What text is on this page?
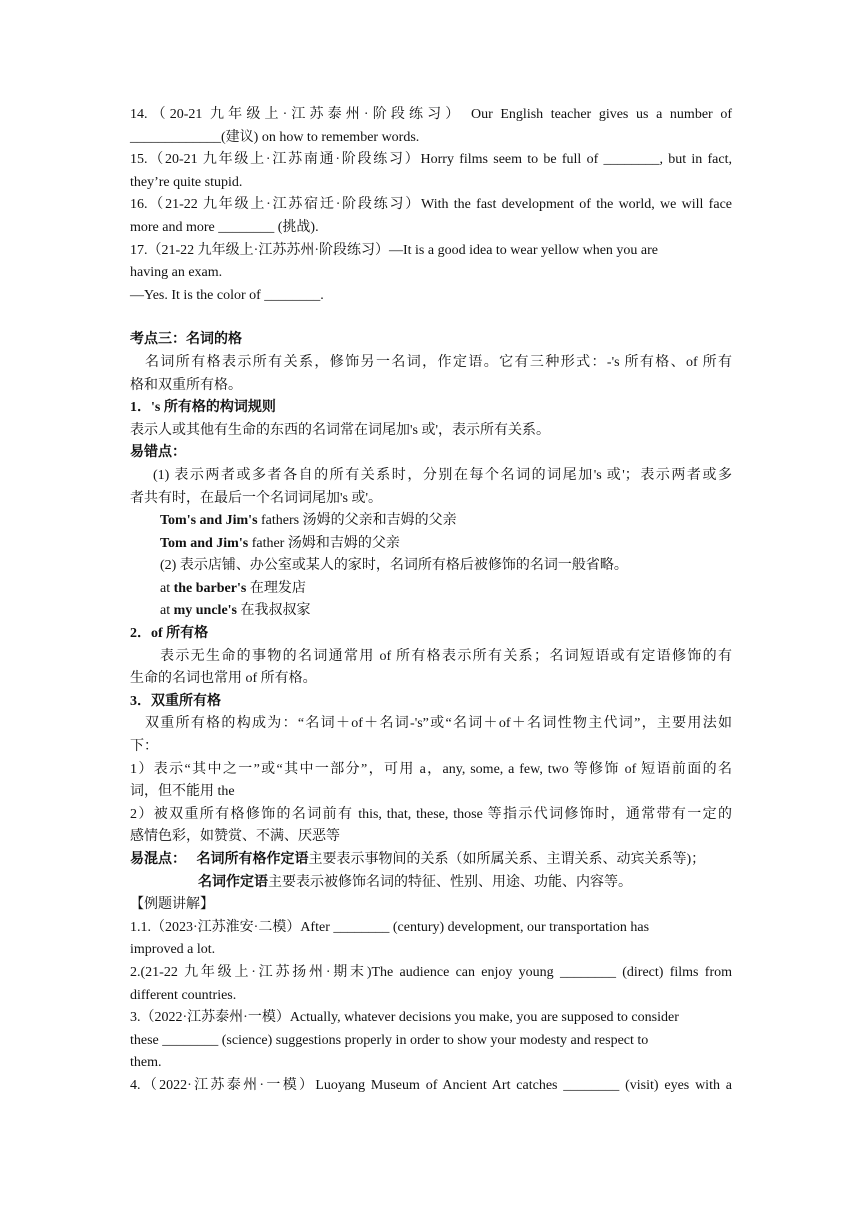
14.（20-21 九年级上·江苏泰州·阶段练习） Our English teacher gives us a number of
_____________(建议) on how to remember words.
15.（20-21 九年级上·江苏南通·阶段练习）Horry films seem to be full of ________, but in fact,
they’re quite stupid.
16.（21-22 九年级上·江苏宿迁·阶段练习）With the fast development of the world, we will face
more and more ________ (挑战).
17.（21-22 九年级上·江苏苏州·阶段练习）—It is a good idea to wear yellow when you are
having an exam.
—Yes. It is the color of ________.
考点三：名词的格
名词所有格表示所有关系，修饰另一名词，作定语。它有三种形式：-'s 所有格、of 所有
格和双重所有格。
1．'s 所有格的构词规则
表示人或其他有生命的东西的名词常在词尾加's 或'，表示所有关系。
易错点：
(1) 表示两者或多者各自的所有关系时，分别在每个名词的词尾加's 或'；表示两者或多
者共有时，在最后一个名词词尾加's 或'。
Tom's and Jim's fathers 汤姆的父亲和吉姆的父亲
Tom and Jim's father 汤姆和吉姆的父亲
(2) 表示店铺、办公室或某人的家时，名词所有格后被修饰的名词一般省略。
at the barber's 在理发店
at my uncle's 在我叔叔家
2．of 所有格
表示无生命的事物的名词通常用 of 所有格表示所有关系；名词短语或有定语修饰的有
生命的名词也常用 of 所有格。
3．双重所有格
双重所有格的构成为：“名词＋of＋名词-'s”或“名词＋of＋名词性物主代词”，主要用法如
下：
1）表示“其中之一”或“其中一部分”，可用 a，any, some, a few, two 等修饰 of 短语前面的名
词，但不能用 the
2）被双重所有格修饰的名词前有 this, that, these, those 等指示代词修饰时，通常带有一定的
感情色彩，如赞赏、不满、厌恶等
易混点： 名词所有格作定语主要表示事物间的关系（如所属关系、主谓关系、动宾关系等)；
名词作定语主要表示被修饰名词的特征、性别、用途、功能、内容等。
【例题讲解】
1.1.（2023·江苏淮安·二模）After ________ (century) development, our transportation has
improved a lot.
2.(21-22 九年级上·江苏扬州·期末)The audience can enjoy young ________ (direct) films from
different countries.
3.（2022·江苏泰州·一模）Actually, whatever decisions you make, you are supposed to consider
these ________ (science) suggestions properly in order to show your modesty and respect to
them.
4.（2022·江苏泰州·一模）Luoyang Museum of Ancient Art catches ________ (visit) eyes with a
